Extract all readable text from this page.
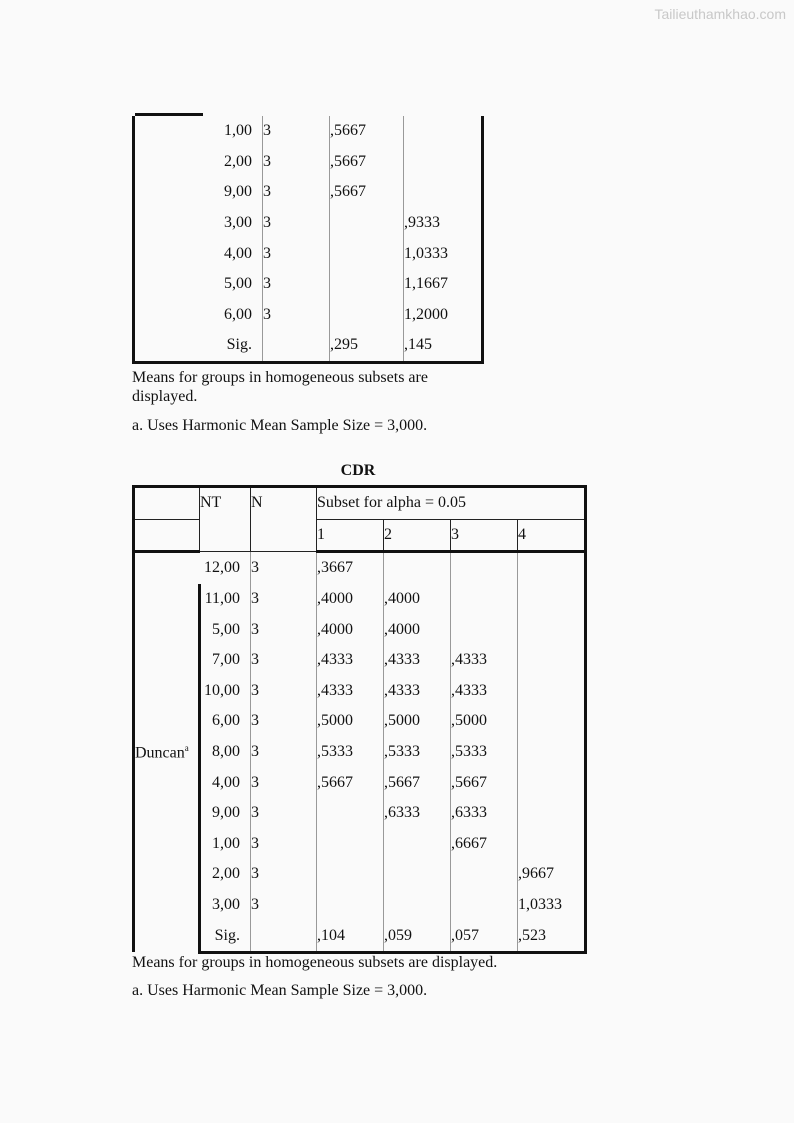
Tailieuthamkhao.com
	1,00	3	,5667	
	2,00	3	,5667	
	9,00	3	,5667	
	3,00	3		,9333
	4,00	3		1,0333
	5,00	3		1,1667
	6,00	3		1,2000
	Sig.		,295	,145
Means for groups in homogeneous subsets are displayed.
a. Uses Harmonic Mean Sample Size = 3,000.
CDR
	NT	N	Subset for alpha = 0.05			
			1	2	3	4
Duncan$^a$	12,00	3	,3667			
	11,00	3	,4000	,4000		
	5,00	3	,4000	,4000		
	7,00	3	,4333	,4333	,4333	
	10,00	3	,4333	,4333	,4333	
	6,00	3	,5000	,5000	,5000	
	8,00	3	,5333	,5333	,5333	
	4,00	3	,5667	,5667	,5667	
	9,00	3		,6333	,6333	
	1,00	3			,6667	
	2,00	3				,9667
	3,00	3				1,0333
	Sig.		,104	,059	,057	,523
Means for groups in homogeneous subsets are displayed.
a. Uses Harmonic Mean Sample Size = 3,000.
